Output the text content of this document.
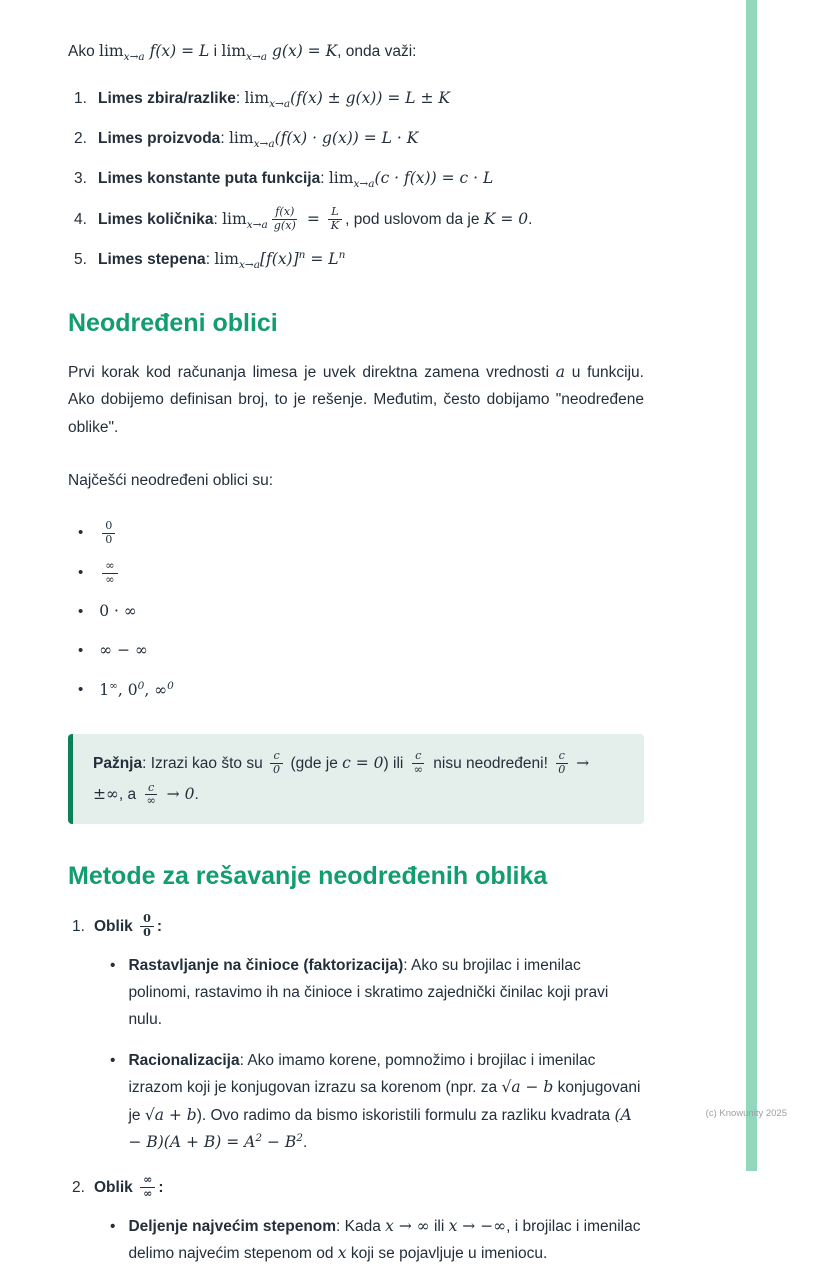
Ako $\lim_{x\to a} f(x) = L$ i $\lim_{x\to a} g(x) = K$, onda važi:

1. Limes zbira/razlike: $\lim_{x\to a}(f(x) \pm g(x)) = L \pm K$
2. Limes proizvoda: $\lim_{x\to a}(f(x) \cdot g(x)) = L \cdot K$
3. Limes konstante puta funkcija: $\lim_{x\to a}(c \cdot f(x)) = c \cdot L$
4. Limes količnika: $\lim_{x\to a} \frac{f(x)}{g(x)} = \frac{L}{K}$ , pod uslovom da je K = 0.
5. Limes stepena: $\lim_{x\to a}[f(x)]^n = L^n$
Neodređeni oblici

Prvi korak kod računanja limesa je uvek direktna zamena vrednosti a u funkciju. Ako dobijemo definisan broj, to je rešenje. Međutim, često dobijamo "neodređene oblike".

Najčešći neodređeni oblici su:

• $\frac{0}{0}$
• $\frac{\infty}{\infty}$
• 0 · ∞
• ∞ − ∞
• 1∞, $0^0$, ∞$^0$

Pažnja: Izrazi kao što su $\frac{c}{0} (gde$ je c = 0) ili $\frac{c}{\infty}$ nisu neodređeni! $\frac{c}{0}$ → ±∞, a $\frac{c}{\infty} \to 0$.

Metode za rešavanje neodređenih oblika
1. Oblik $\frac{0}{0}$ :
• Rastavljanje na činioce (faktorizacija): Ako su brojilac i imenilac polinomi, rastavimo ih na činioce i skratimo zajednički činilac koji pravi nulu.
• Racionalizacija: Ako imamo korene, pomnožimo i brojilac i imenilac izrazom koji je konjugovan izrazu sa korenom (npr. za √a − b konjugovani je √a + b). Ovo radimo da bismo iskoristili formulu za razliku kvadrata $(A - B)(A + B) = A^2 - B^2$.
2. Oblik $\frac{\infty}{\infty}$ :
• Deljenje najvećim stepenom: Kada x → ∞ ili x → −∞, i brojilac i imenilac delimo najvećim stepenom od x koji se pojavljuje u imeniocu.
(c) Knowunity 2025
